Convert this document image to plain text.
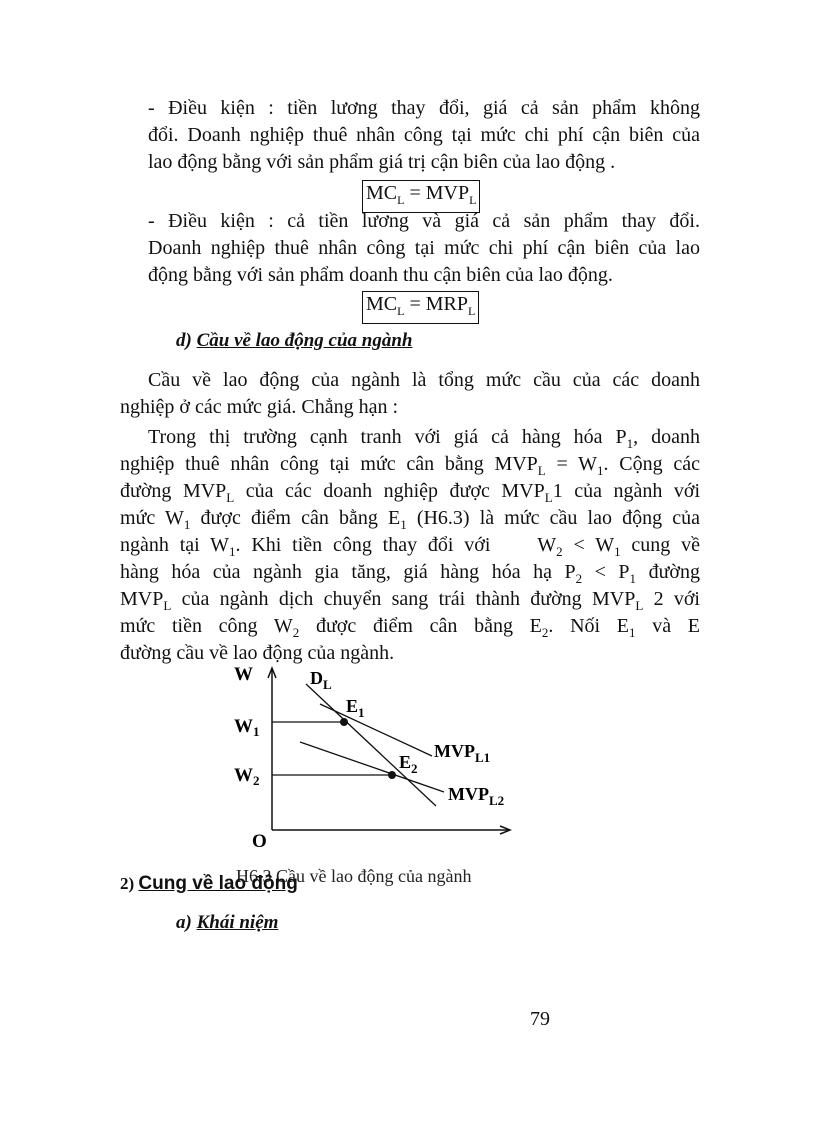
- Điều kiện : tiền lương thay đổi, giá cả sản phẩm không
đổi. Doanh nghiệp thuê nhân công tại mức chi phí cận biên của
lao động bằng với sản phẩm giá trị cận biên của lao động .
$MC_L = MVP_L$
- Điều kiện : cả tiền lương và giá cả sản phẩm thay đổi.
Doanh nghiệp thuê nhân công tại mức chi phí cận biên của lao
động bằng với sản phẩm doanh thu cận biên của lao động.
$MC_L = MRP_L$
d) Cầu về lao động của ngành
Cầu về lao động của ngành là tổng mức cầu của các doanh
nghiệp ở các mức giá. Chẳng hạn :
Trong thị trường cạnh tranh với giá cả hàng hóa $P_1$, doanh
nghiệp thuê nhân công tại mức cân bằng $MVP_L = W_1$. Cộng các
đường $MVP_L$ của các doanh nghiệp được $MVP_L1$ của ngành với
mức $W_1$ được điểm cân bằng $E_1$ (H6.3) là mức cầu lao động của
ngành tại $W_1$. Khi tiền công thay đổi với $W_2 < W_1$ cung về
hàng hóa của ngành gia tăng, giá hàng hóa hạ $P_2 < P_1$ đường
$MVP_L$ của ngành dịch chuyển sang trái thành đường $MVP_L$ 2 với
mức tiền công $W_2$ được điểm cân bằng $E_2$. Nối $E_1$ và E
đường cầu về lao động của ngành.
W
O
$W_1$
$W_2$
$D_L$
$E_1$
$E_2$
$MVP_{L1}$
$MVP_{L2}$
H6.3 Cầu về lao động của ngành
2) Cung về lao động
a) Khái niệm
79
